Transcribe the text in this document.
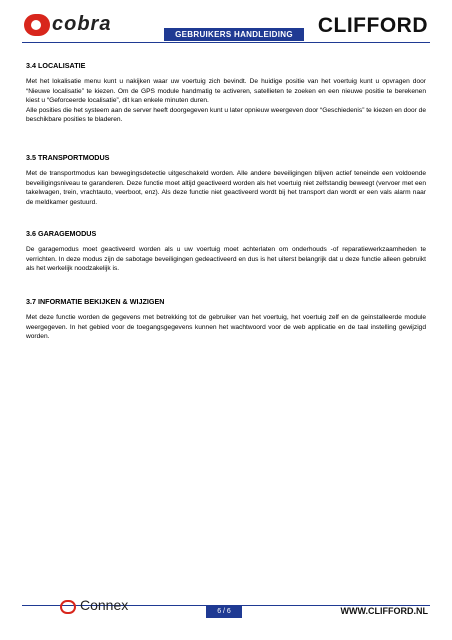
cobra	GEBRUIKERS HANDLEIDING	CLIFFORD
3.4 LOCALISATIE

Met het lokalisatie menu kunt u nakijken waar uw voertuig zich bevindt. De huidige positie van het voertuig kunt u opvragen door “Nieuwe localisatie” te kiezen. Om de GPS module handmatig te activeren, satellieten te zoeken en een nieuwe positie te berekenen kiest u “Geforceerde localisatie”, dit kan enkele minuten duren.

Alle posities die het systeem aan de server heeft doorgegeven kunt u later opnieuw weergeven door “Geschiedenis” te kiezen en door de beschikbare posities te bladeren.

3.5 TRANSPORTMODUS

Met de transportmodus kan bewegingsdetectie uitgeschakeld worden. Alle andere beveiligingen blijven actief teneinde een voldoende beveiligingsniveau te garanderen. Deze functie moet altijd geactiveerd worden als het voertuig niet zelfstandig beweegt (vervoer met een takelwagen, trein, vrachtauto, veerboot, enz). Als deze functie niet geactiveerd wordt bij het transport dan wordt er een vals alarm naar de meldkamer gestuurd.

3.6 GARAGEMODUS

De garagemodus moet geactiveerd worden als u uw voertuig moet achterlaten om onderhouds -of reparatiewerkzaamheden te verrichten. In deze modus zijn de sabotage beveiligingen gedeactiveerd en dus is het uiterst belangrijk dat u deze functie alleen gebruikt als het werkelijk noodzakelijk is.

3.7 INFORMATIE BEKIJKEN & WIJZIGEN

Met deze functie worden de gegevens met betrekking tot de gebruiker van het voertuig, het voertuig zelf en de geinstalleerde module weergegeven. In het gebied voor de toegangsgegevens kunnen het wachtwoord voor de web applicatie en de taal instelling gewijzigd worden.

Connex	6 / 6	WWW.CLIFFORD.NL
